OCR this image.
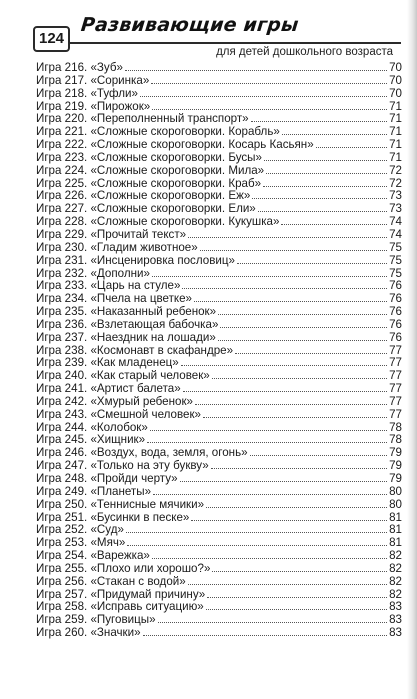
124
Развивающие игры
для детей дошкольного возраста
Игра 216. «Зуб»	70
Игра 217. «Соринка»	70
Игра 218. «Туфли»	70
Игра 219. «Пирожок»	71
Игра 220. «Переполненный транспорт»	71
Игра 221. «Сложные скороговорки. Корабль»	71
Игра 222. «Сложные скороговорки. Косарь Касьян»	71
Игра 223. «Сложные скороговорки. Бусы»	71
Игра 224. «Сложные скороговорки. Мила»	72
Игра 225. «Сложные скороговорки. Краб»	72
Игра 226. «Сложные скороговорки. Еж»	73
Игра 227. «Сложные скороговорки. Ели»	73
Игра 228. «Сложные скороговорки. Кукушка»	74
Игра 229. «Прочитай текст»	74
Игра 230. «Гладим животное»	75
Игра 231. «Инсценировка пословиц»	75
Игра 232. «Дополни»	75
Игра 233. «Царь на стуле»	76
Игра 234. «Пчела на цветке»	76
Игра 235. «Наказанный ребенок»	76
Игра 236. «Взлетающая бабочка»	76
Игра 237. «Наездник на лошади»	76
Игра 238. «Космонавт в скафандре»	77
Игра 239. «Как младенец»	77
Игра 240. «Как старый человек»	77
Игра 241. «Артист балета»	77
Игра 242. «Хмурый ребенок»	77
Игра 243. «Смешной человек»	77
Игра 244. «Колобок»	78
Игра 245. «Хищник»	78
Игра 246. «Воздух, вода, земля, огонь»	79
Игра 247. «Только на эту букву»	79
Игра 248. «Пройди черту»	79
Игра 249. «Планеты»	80
Игра 250. «Теннисные мячики»	80
Игра 251. «Бусинки в песке»	81
Игра 252. «Суд»	81
Игра 253. «Мяч»	81
Игра 254. «Варежка»	82
Игра 255. «Плохо или хорошо?»	82
Игра 256. «Стакан с водой»	82
Игра 257. «Придумай причину»	82
Игра 258. «Исправь ситуацию»	83
Игра 259. «Пуговицы»	83
Игра 260. «Значки»	83
